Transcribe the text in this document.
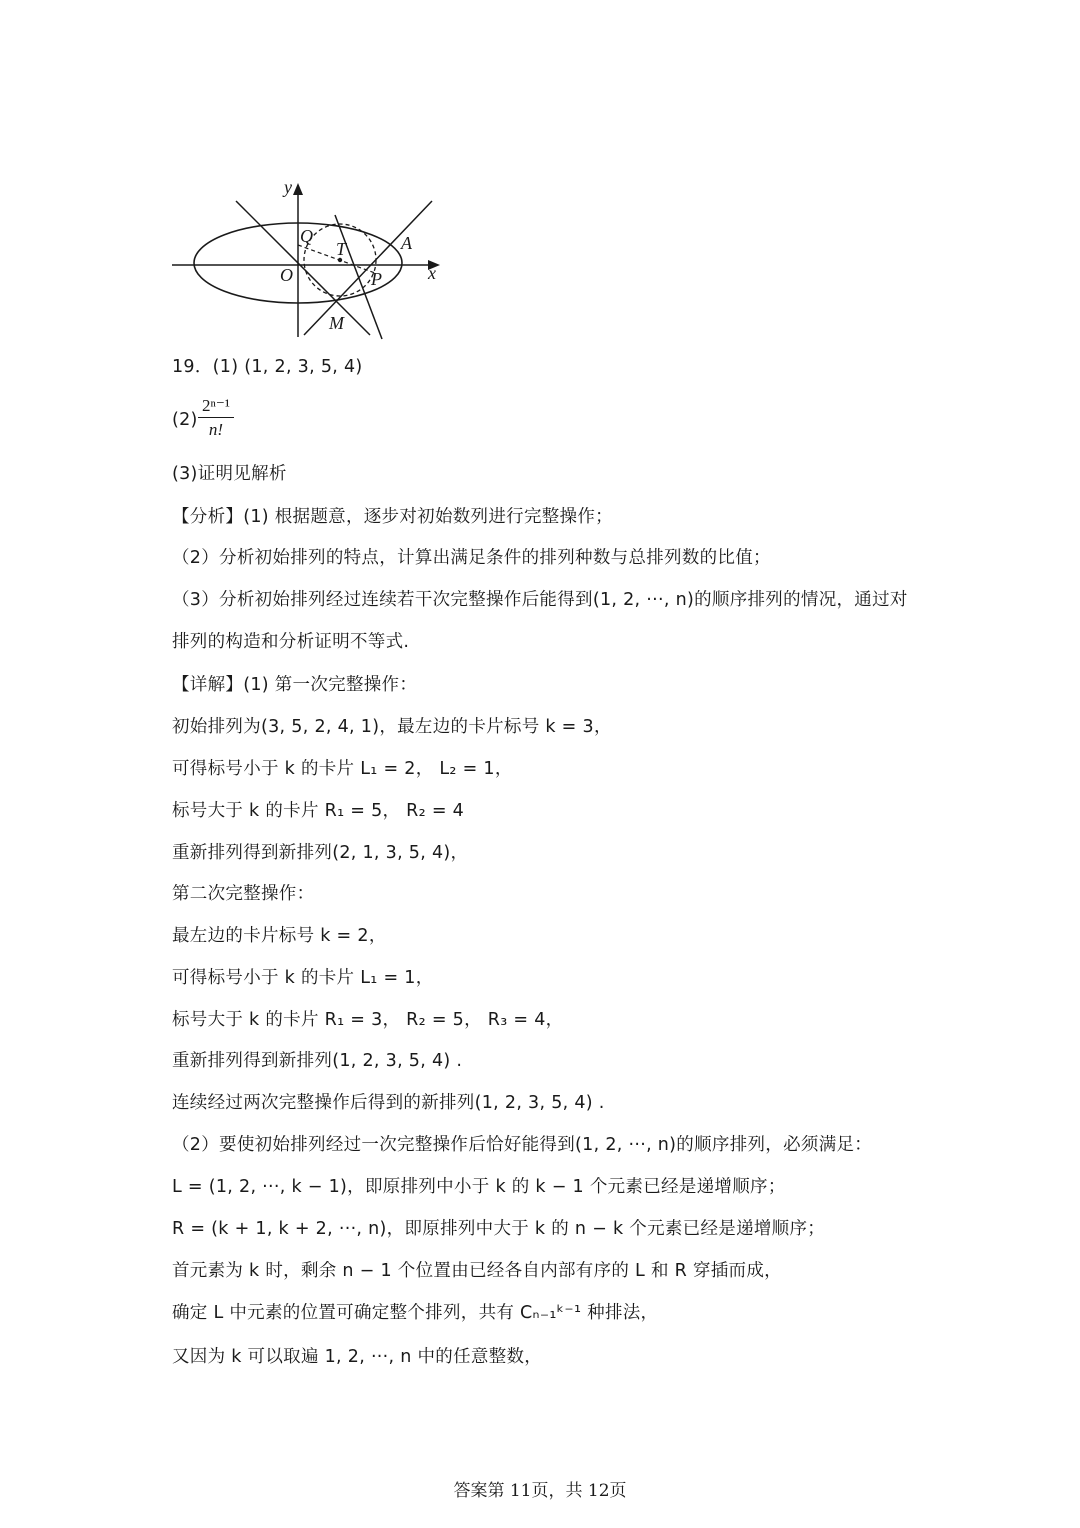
y
x
O
Q
T	A
P
M
19．(1) (1, 2, 3, 5, 4)
(2)
2ⁿ⁻¹
n!
(3)证明见解析
【分析】(1) 根据题意，逐步对初始数列进行完整操作；
（2）分析初始排列的特点，计算出满足条件的排列种数与总排列数的比值；
（3）分析初始排列经过连续若干次完整操作后能得到(1, 2, ···, n)的顺序排列的情况，通过对
排列的构造和分析证明不等式.
【详解】(1) 第一次完整操作：
初始排列为(3, 5, 2, 4, 1)，最左边的卡片标号 k = 3，
可得标号小于 k 的卡片 L₁ = 2， L₂ = 1，
标号大于 k 的卡片 R₁ = 5， R₂ = 4
重新排列得到新排列(2, 1, 3, 5, 4)，
第二次完整操作：
最左边的卡片标号 k = 2，
可得标号小于 k 的卡片 L₁ = 1，
标号大于 k 的卡片 R₁ = 3， R₂ = 5， R₃ = 4，
重新排列得到新排列(1, 2, 3, 5, 4) .
连续经过两次完整操作后得到的新排列(1, 2, 3, 5, 4) .
（2）要使初始排列经过一次完整操作后恰好能得到(1, 2, ···, n)的顺序排列，必须满足：
L = (1, 2, ···, k − 1)，即原排列中小于 k 的 k − 1 个元素已经是递增顺序；
R = (k + 1, k + 2, ···, n)，即原排列中大于 k 的 n − k 个元素已经是递增顺序；
首元素为 k 时，剩余 n − 1 个位置由已经各自内部有序的 L 和 R 穿插而成，
确定 L 中元素的位置可确定整个排列，共有 Cₙ₋₁ᵏ⁻¹ 种排法，
又因为 k 可以取遍 1, 2, ···, n 中的任意整数，
答案第 11页，共 12页
